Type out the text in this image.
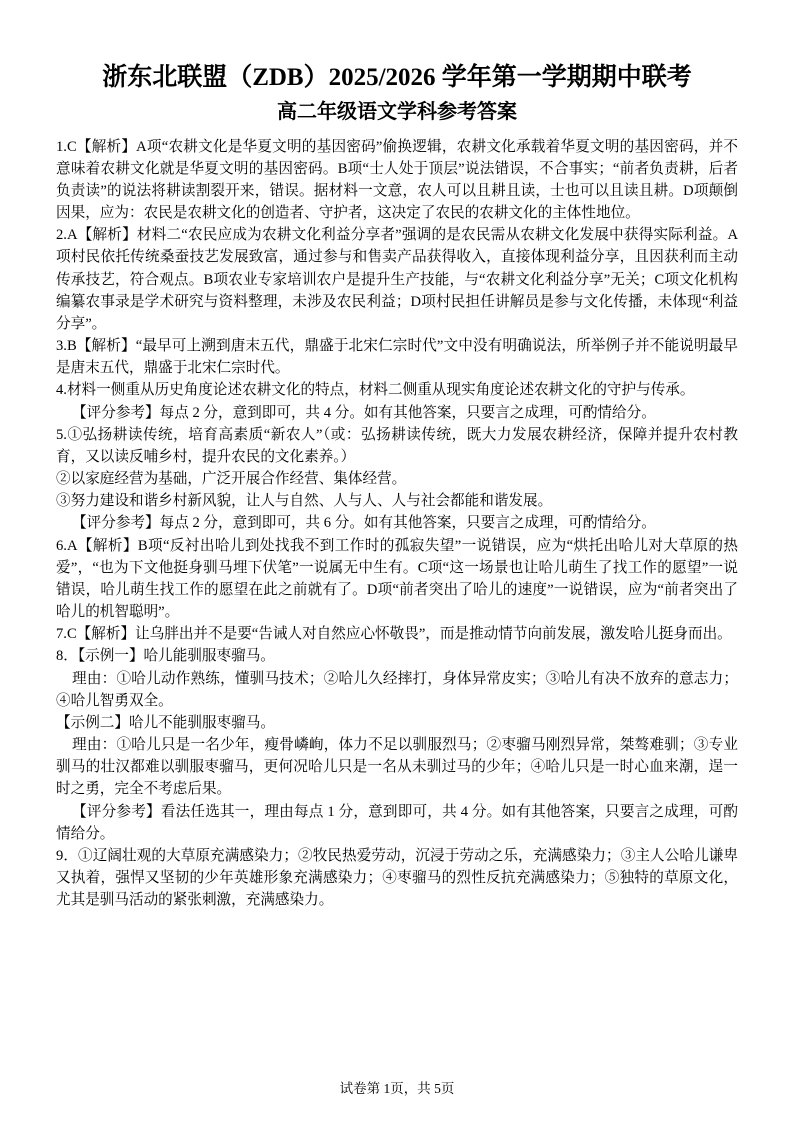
浙东北联盟（ZDB）2025/2026 学年第一学期期中联考
高二年级语文学科参考答案

1.C【解析】A项“农耕文化是华夏文明的基因密码”偷换逻辑，农耕文化承载着华夏文明的基因密码，并不意味着农耕文化就是华夏文明的基因密码。B项“士人处于顶层”说法错误，不合事实；“前者负责耕，后者负责读”的说法将耕读割裂开来，错误。据材料一文意，农人可以且耕且读，士也可以且读且耕。D项颠倒因果，应为：农民是农耕文化的创造者、守护者，这决定了农民的农耕文化的主体性地位。

2.A【解析】材料二“农民应成为农耕文化利益分享者”强调的是农民需从农耕文化发展中获得实际利益。A项村民依托传统桑蚕技艺发展致富，通过参与和售卖产品获得收入，直接体现利益分享，且因获利而主动传承技艺，符合观点。B项农业专家培训农户是提升生产技能，与“农耕文化利益分享”无关；C项文化机构编纂农事录是学术研究与资料整理，未涉及农民利益；D项村民担任讲解员是参与文化传播，未体现“利益分享”。

3.B【解析】“最早可上溯到唐末五代，鼎盛于北宋仁宗时代”文中没有明确说法，所举例子并不能说明最早是唐末五代，鼎盛于北宋仁宗时代。

4.材料一侧重从历史角度论述农耕文化的特点，材料二侧重从现实角度论述农耕文化的守护与传承。

【评分参考】每点 2 分，意到即可，共 4 分。如有其他答案，只要言之成理，可酌情给分。

5.①弘扬耕读传统，培育高素质“新农人”（或：弘扬耕读传统，既大力发展农耕经济，保障并提升农村教育，又以读反哺乡村，提升农民的文化素养。）

②以家庭经营为基础，广泛开展合作经营、集体经营。

③努力建设和谐乡村新风貌，让人与自然、人与人、人与社会都能和谐发展。

【评分参考】每点 2 分，意到即可，共 6 分。如有其他答案，只要言之成理，可酌情给分。

6.A【解析】B项“反衬出哈儿到处找我不到工作时的孤寂失望”一说错误，应为“烘托出哈儿对大草原的热爱”，“也为下文他挺身驯马埋下伏笔”一说属无中生有。C项“这一场景也让哈儿萌生了找工作的愿望”一说错误，哈儿萌生找工作的愿望在此之前就有了。D项“前者突出了哈儿的速度”一说错误，应为“前者突出了哈儿的机智聪明”。

7.C【解析】让乌胖出并不是要“告诫人对自然应心怀敬畏”，而是推动情节向前发展，激发哈儿挺身而出。

8．【示例一】哈儿能驯服枣骝马。

理由：①哈儿动作熟练，懂驯马技术；②哈儿久经摔打，身体异常皮实；③哈儿有决不放弃的意志力；④哈儿智勇双全。

【示例二】哈儿不能驯服枣骝马。

理由：①哈儿只是一名少年，瘦骨嶙峋，体力不足以驯服烈马；②枣骝马刚烈异常，桀骜难驯；③专业驯马的壮汉都难以驯服枣骝马，更何况哈儿只是一名从未驯过马的少年；④哈儿只是一时心血来潮，逞一时之勇，完全不考虑后果。

【评分参考】看法任选其一，理由每点 1 分，意到即可，共 4 分。如有其他答案，只要言之成理，可酌情给分。

9．①辽阔壮观的大草原充满感染力；②牧民热爱劳动，沉浸于劳动之乐，充满感染力；③主人公哈儿谦卑又执着，强悍又坚韧的少年英雄形象充满感染力；④枣骝马的烈性反抗充满感染力；⑤独特的草原文化，尤其是驯马活动的紧张刺激，充满感染力。

试卷第 1页，共 5页
